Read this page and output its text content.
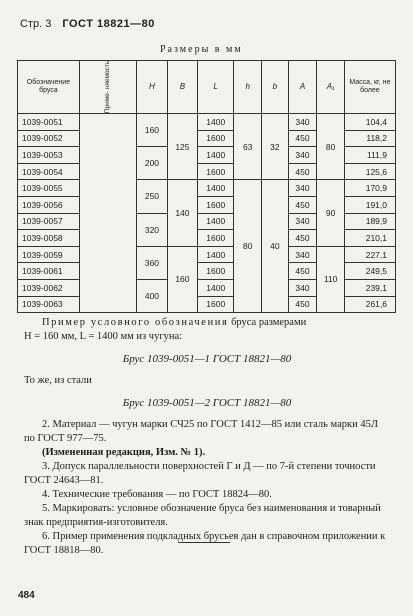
Стр. 3 ГОСТ 18821—80
Размеры в мм
Обозначение бруса	Приме- няемость	H	B	L	h	b	A	A₁	Масса, кг, не более
1039-0051		160	125	1400	63	32	340	80	104,4
1039-0052				1600			450		118,2
1039-0053		200		1400			340		111,9
1039-0054				1600			450		125,6
1039-0055		250	140	1400	80	40	340	90	170,9
1039-0056				1600			450		191,0
1039-0057		320		1400			340		189,9
1039-0058				1600			450		210,1
1039-0059		360	160	1400			340	110	227,1
1039-0061				1600			450		249,5
1039-0062		400		1400			340		239,1
1039-0063				1600			450		261,6

Пример условного обозначения бруса размерами

H = 160 мм, L = 1400 мм из чугуна:

Брус 1039-0051—1 ГОСТ 18821—80

То же, из стали

Брус 1039-0051—2 ГОСТ 18821—80

2. Материал — чугун марки СЧ25 по ГОСТ 1412—85 или сталь марки 45Л по ГОСТ 977—75.

(Измененная редакция, Изм. № 1).

3. Допуск параллельности поверхностей Г и Д — по 7-й степени точности ГОСТ 24643—81.

4. Технические требования — по ГОСТ 18824—80.

5. Маркировать: условное обозначение бруса без наименования и товарный знак предприятия-изготовителя.

6. Пример применения подкладных брусьев дан в справочном приложении к ГОСТ 18818—80.

484
